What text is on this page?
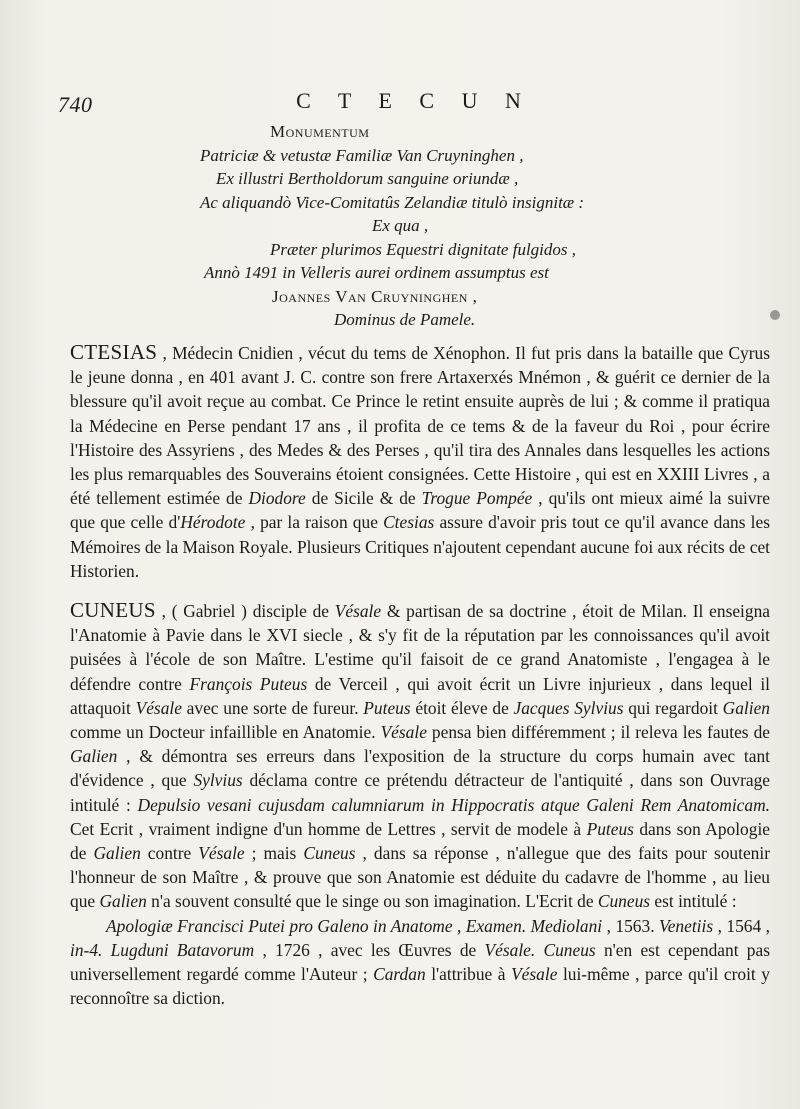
740	C T E C U N
Monumentum
Patriciæ & vetustæ Familiæ Van Cruyninghen ,
Ex illustri Bertholdorum sanguine oriundæ ,
Ac aliquandò Vice-Comitatûs Zelandiæ titulò insignitæ :
Ex qua ,
Præter plurimos Equestri dignitate fulgidos ,
Annò 1491 in Velleris aurei ordinem assumptus est
Joannes Van Cruyninghen ,
Dominus de Pamele.

CTESIAS , Médecin Cnidien , vécut du tems de Xénophon. Il fut pris dans la bataille que Cyrus le jeune donna , en 401 avant J. C. contre son frere Artaxerxés Mnémon , & guérit ce dernier de la blessure qu'il avoit reçue au combat. Ce Prince le retint ensuite auprès de lui ; & comme il pratiqua la Médecine en Perse pendant 17 ans , il profita de ce tems & de la faveur du Roi , pour écrire l'Histoire des Assyriens , des Medes & des Perses , qu'il tira des Annales dans lesquelles les actions les plus remarquables des Souverains étoient consignées. Cette Histoire , qui est en XXIII Livres , a été tellement estimée de Diodore de Sicile & de Trogue Pompée , qu'ils ont mieux aimé la suivre que que celle d'Hérodote , par la raison que Ctesias assure d'avoir pris tout ce qu'il avance dans les Mémoires de la Maison Royale. Plusieurs Critiques n'ajoutent cependant aucune foi aux récits de cet Historien.

CUNEUS , ( Gabriel ) disciple de Vésale & partisan de sa doctrine , étoit de Milan. Il enseigna l'Anatomie à Pavie dans le XVI siecle , & s'y fit de la réputation par les connoissances qu'il avoit puisées à l'école de son Maître. L'estime qu'il faisoit de ce grand Anatomiste , l'engagea à le défendre contre François Puteus de Verceil , qui avoit écrit un Livre injurieux , dans lequel il attaquoit Vésale avec une sorte de fureur. Puteus étoit éleve de Jacques Sylvius qui regardoit Galien comme un Docteur infaillible en Anatomie. Vésale pensa bien différemment ; il releva les fautes de Galien , & démontra ses erreurs dans l'exposition de la structure du corps humain avec tant d'évidence , que Sylvius déclama contre ce prétendu détracteur de l'antiquité , dans son Ouvrage intitulé : Depulsio vesani cujusdam calumniarum in Hippocratis atque Galeni Rem Anatomicam. Cet Ecrit , vraiment indigne d'un homme de Lettres , servit de modele à Puteus dans son Apologie de Galien contre Vésale ; mais Cuneus , dans sa réponse , n'allegue que des faits pour soutenir l'honneur de son Maître , & prouve que son Anatomie est déduite du cadavre de l'homme , au lieu que Galien n'a souvent consulté que le singe ou son imagination. L'Ecrit de Cuneus est intitulé :

Apologiæ Francisci Putei pro Galeno in Anatome , Examen. Mediolani , 1563. Venetiis , 1564 , in-4. Lugduni Batavorum , 1726 , avec les Œuvres de Vésale. Cuneus n'en est cependant pas universellement regardé comme l'Auteur ; Cardan l'attribue à Vésale lui-même , parce qu'il croit y reconnoître sa diction.
